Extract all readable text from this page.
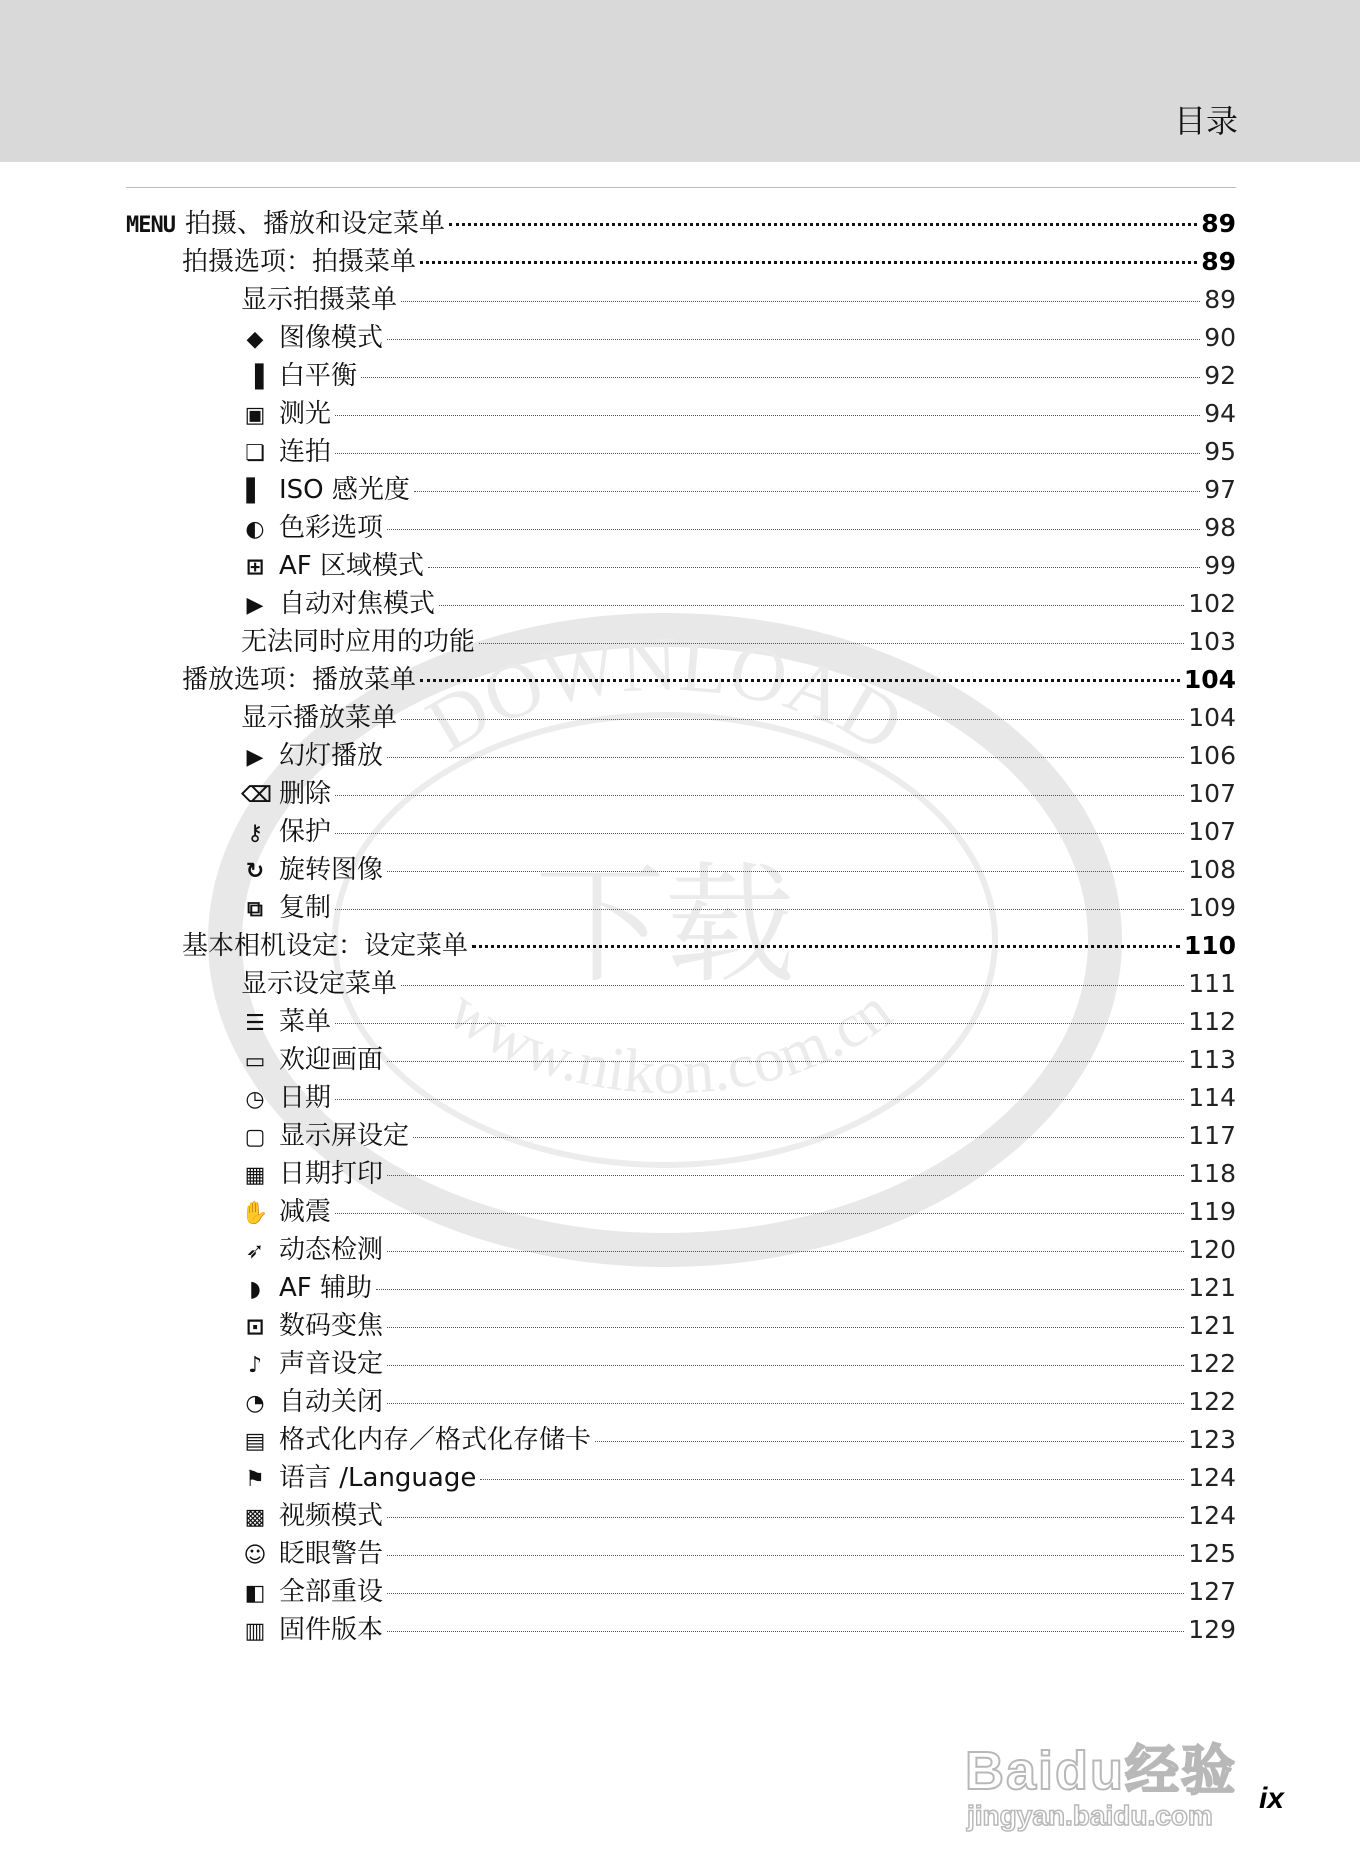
目录
DOWNLOAD
下载
www.nikon.com.cn
MENU 拍摄、播放和设定菜单	89
拍摄选项：拍摄菜单	89
显示拍摄菜单	89
◆ 图像模式	90
▐ 白平衡	92
▣ 测光	94
❏ 连拍	95
▌ ISO 感光度	97
◐ 色彩选项	98
⊞ AF 区域模式	99
▶ 自动对焦模式	102
无法同时应用的功能	103
播放选项：播放菜单	104
显示播放菜单	104
▶ 幻灯播放	106
⌫ 删除	107
⚷ 保护	107
↻ 旋转图像	108
⧉ 复制	109
基本相机设定：设定菜单	110
显示设定菜单	111
☰ 菜单	112
▭ 欢迎画面	113
◷ 日期	114
▢ 显示屏设定	117
▦ 日期打印	118
✋ 减震	119
➶ 动态检测	120
◗ AF 辅助	121
⊡ 数码变焦	121
♪ 声音设定	122
◔ 自动关闭	122
▤ 格式化内存／格式化存储卡	123
⚑ 语言 /Language	124
▩ 视频模式	124
☺ 眨眼警告	125
◧ 全部重设	127
▥ 固件版本	129
Baidu经验
jingyan.baidu.com
ix
